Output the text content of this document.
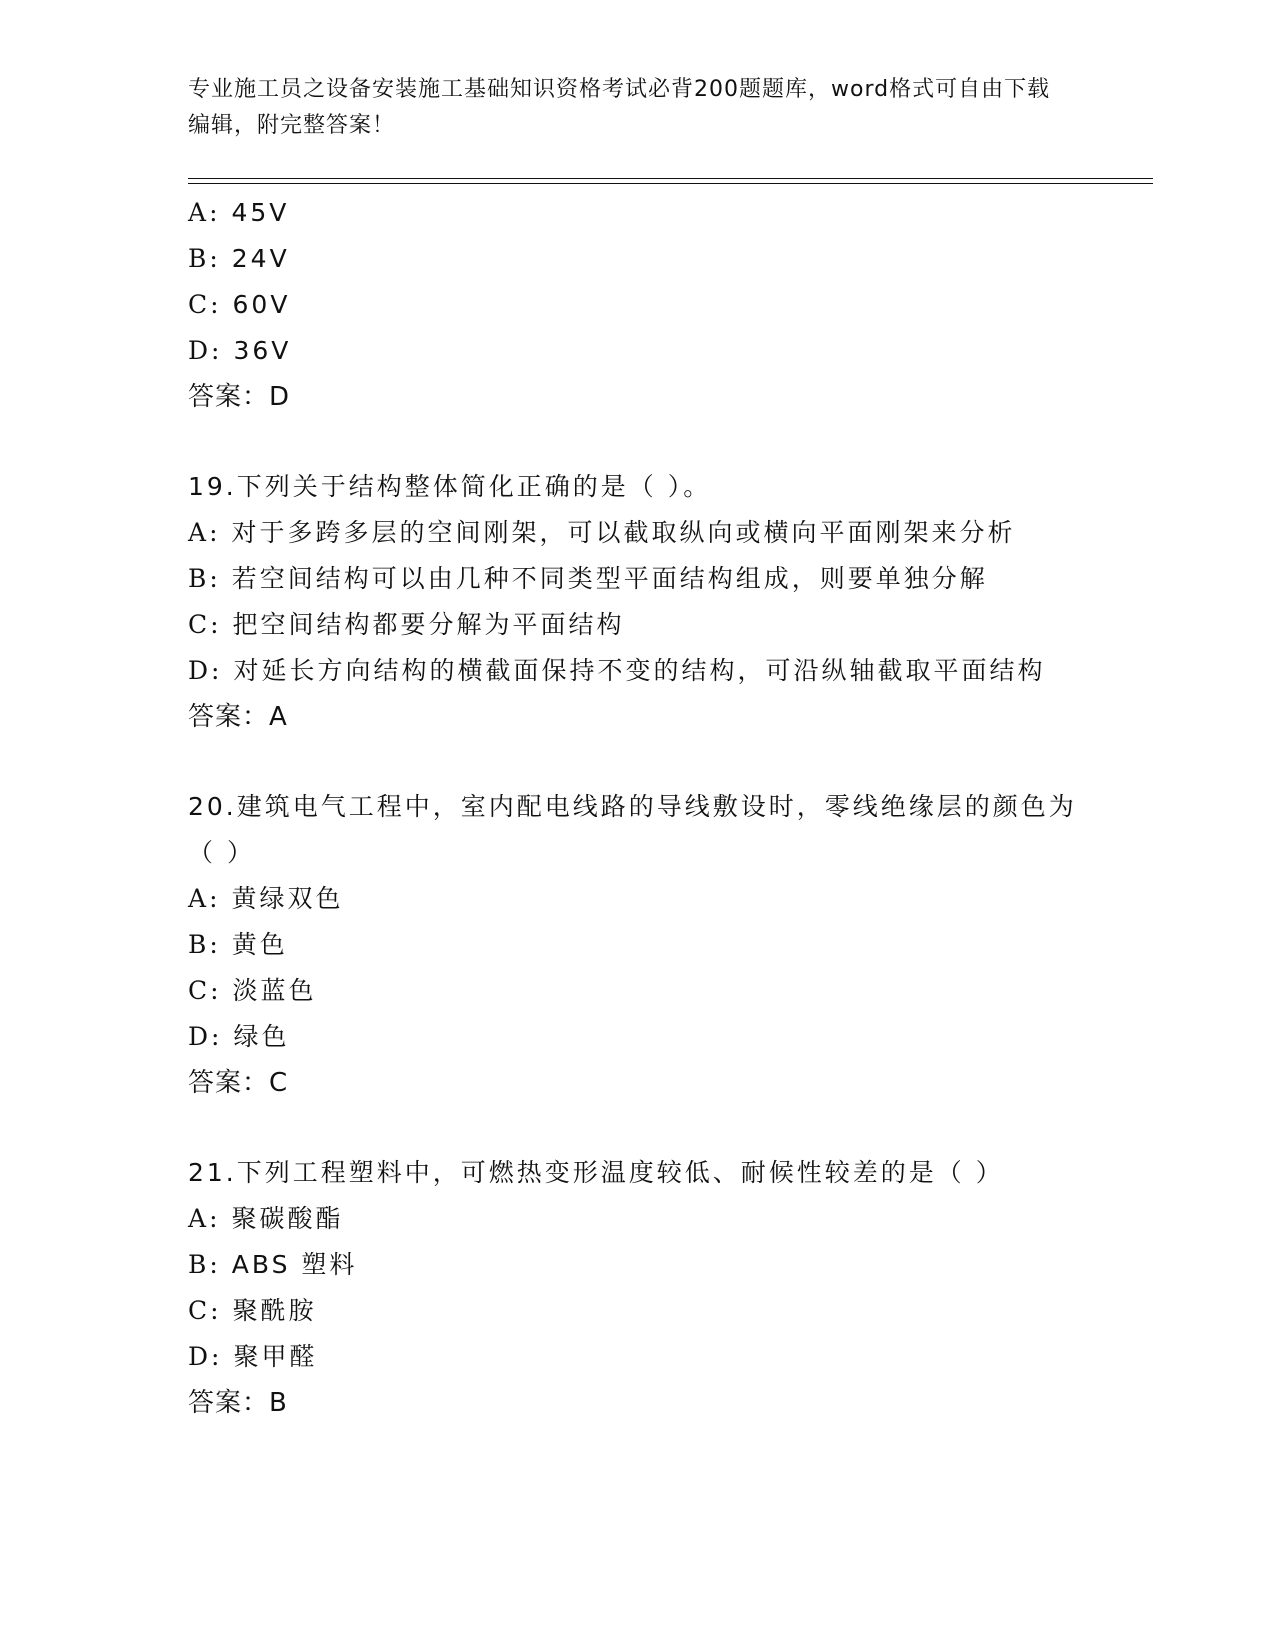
专业施工员之设备安装施工基础知识资格考试必背200题题库，word格式可自由下载编辑，附完整答案！
A: 45V
B: 24V
C: 60V
D: 36V
答案：D
19.下列关于结构整体简化正确的是（ ）。
A: 对于多跨多层的空间刚架，可以截取纵向或横向平面刚架来分析
B: 若空间结构可以由几种不同类型平面结构组成，则要单独分解
C: 把空间结构都要分解为平面结构
D: 对延长方向结构的横截面保持不变的结构，可沿纵轴截取平面结构
答案：A
20.建筑电气工程中，室内配电线路的导线敷设时，零线绝缘层的颜色为（ ）
A: 黄绿双色
B: 黄色
C: 淡蓝色
D: 绿色
答案：C
21.下列工程塑料中，可燃热变形温度较低、耐候性较差的是（ ）
A: 聚碳酸酯
B: ABS 塑料
C: 聚酰胺
D: 聚甲醛
答案：B
